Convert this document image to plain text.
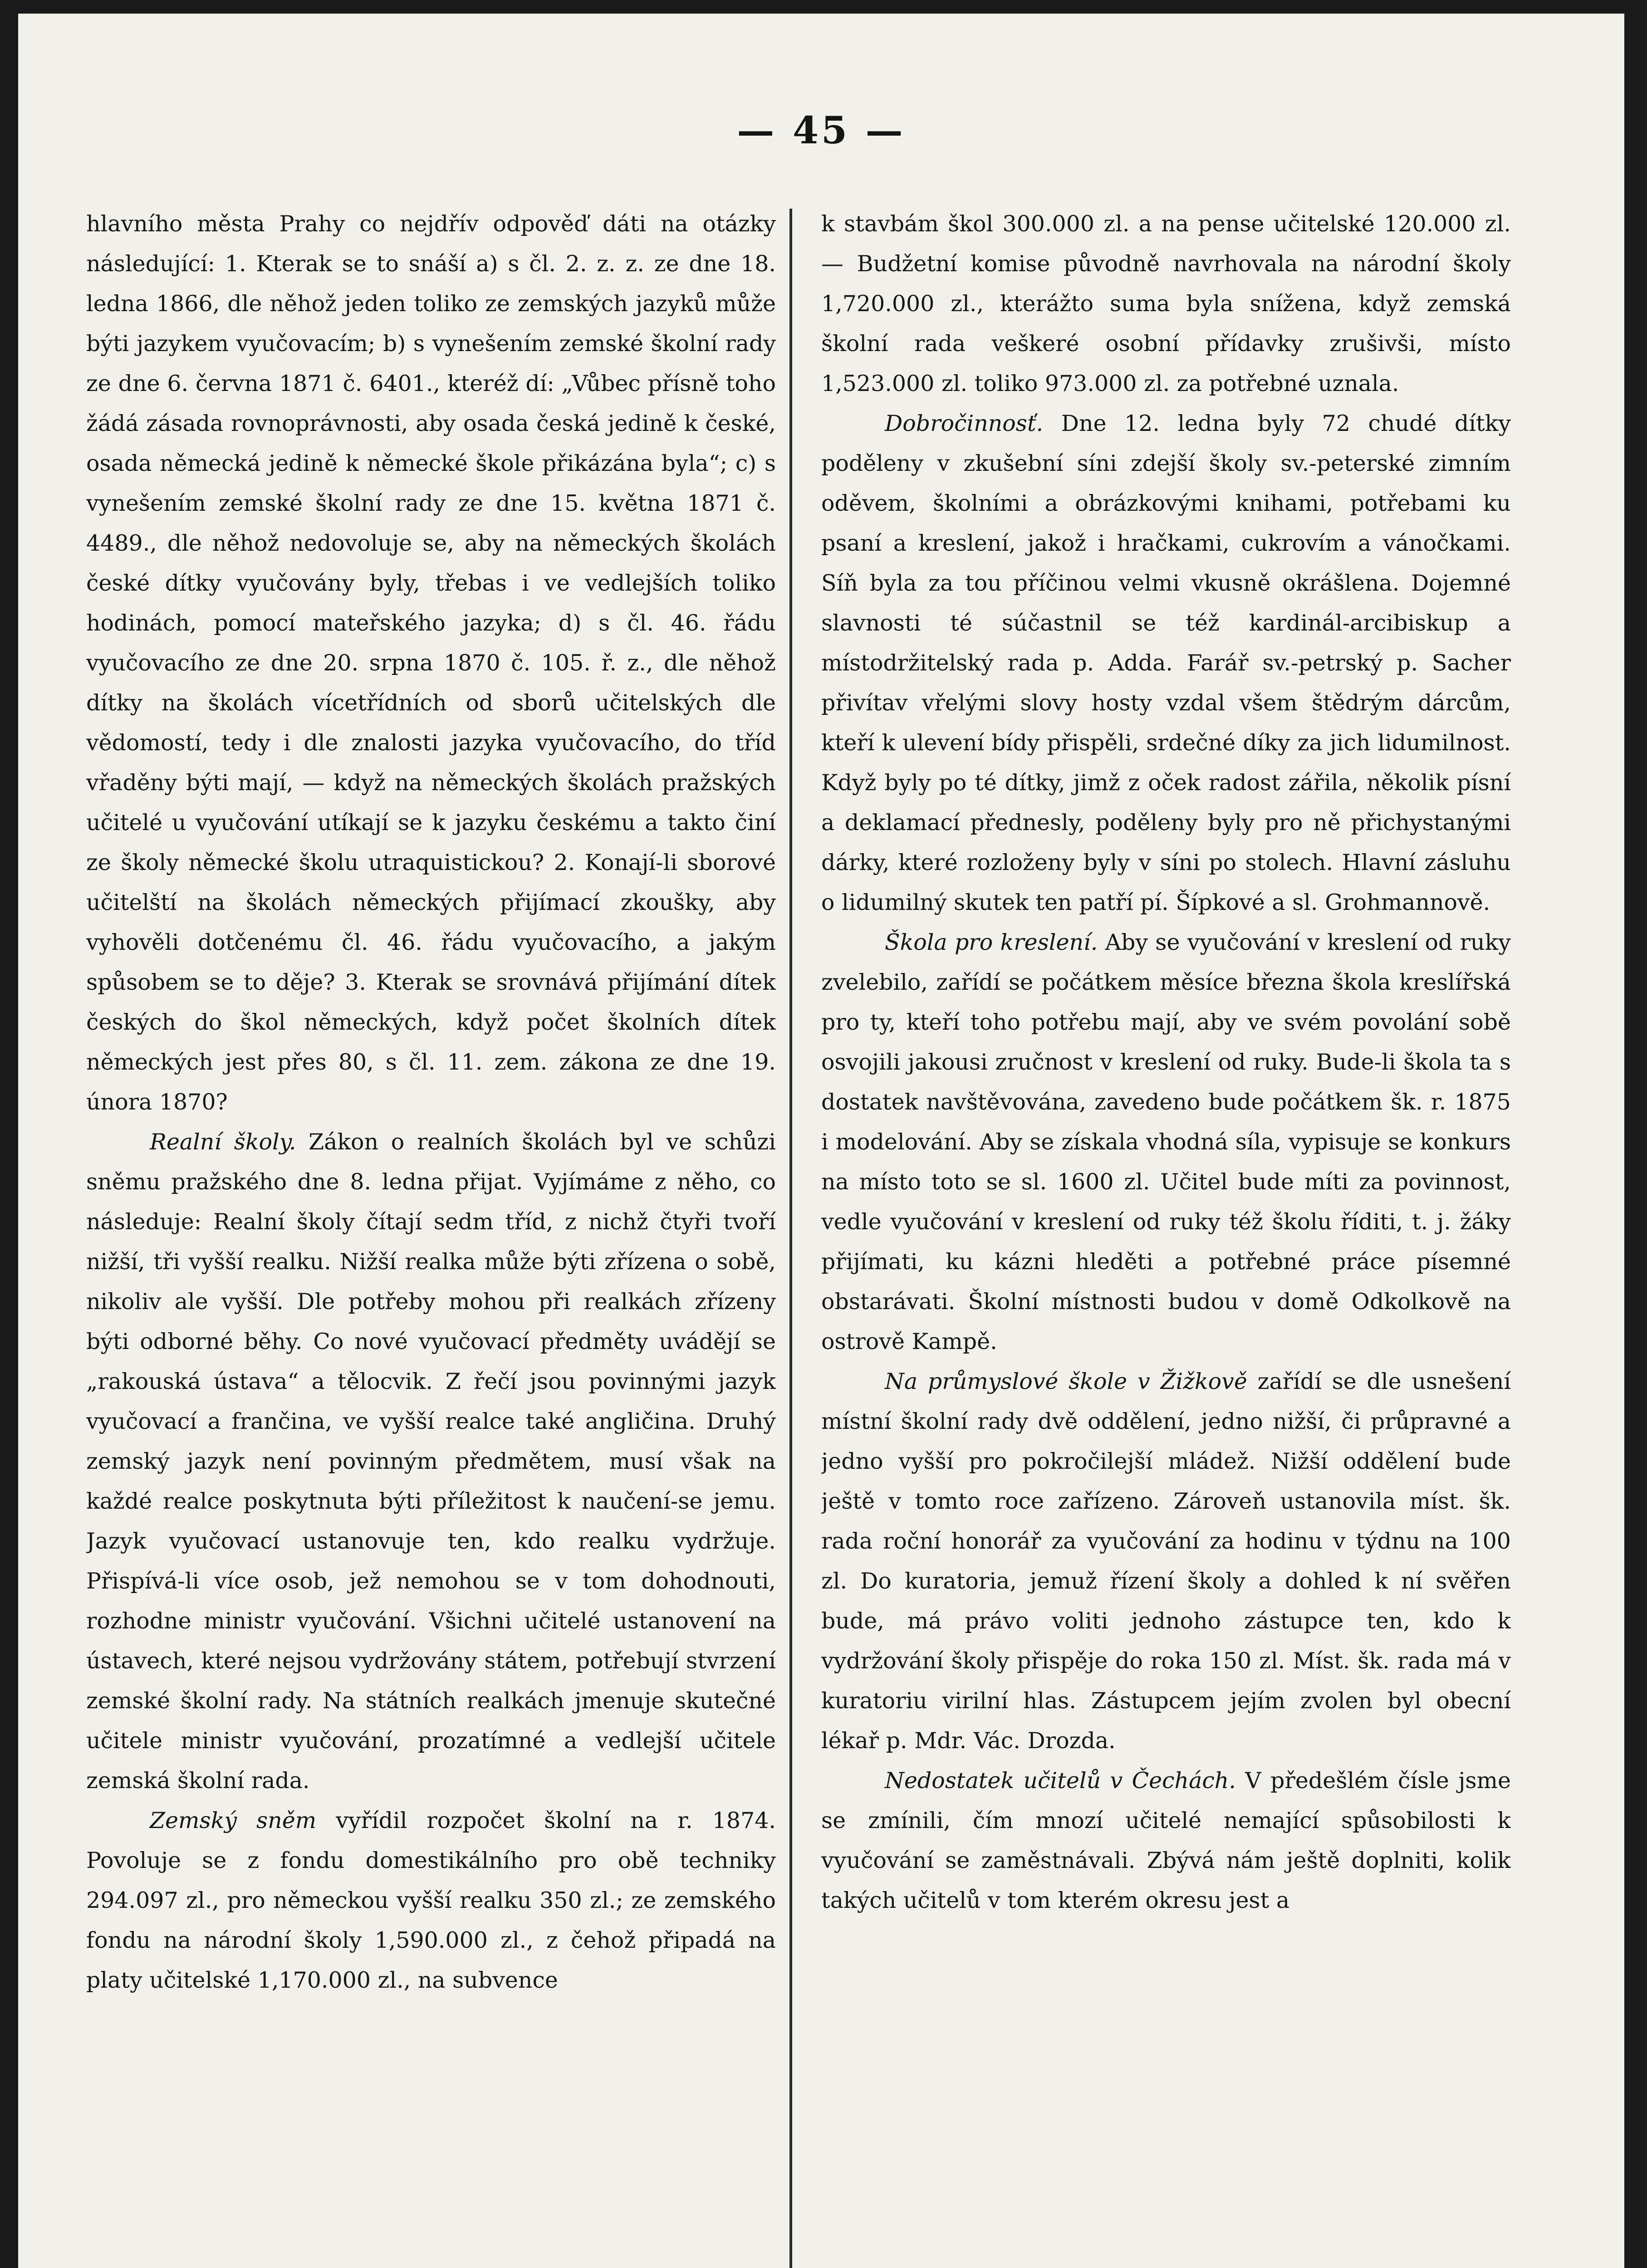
— 45 —

hlavního města Prahy co nejdřív odpověď dáti na otázky následující: 1. Kterak se to snáší a) s čl. 2. z. z. ze dne 18. ledna 1866, dle něhož jeden toliko ze zemských jazyků může býti jazykem vyučovacím; b) s vynešením zemské školní rady ze dne 6. června 1871 č. 6401., kteréž dí: „Vůbec přísně toho žádá zásada rovnoprávnosti, aby osada česká jedině k české, osada německá jedině k německé škole přikázána byla“; c) s vynešením zemské školní rady ze dne 15. května 1871 č. 4489., dle něhož nedovoluje se, aby na německých školách české dítky vyučovány byly, třebas i ve vedlejších toliko hodinách, pomocí mateřského jazyka; d) s čl. 46. řádu vyučovacího ze dne 20. srpna 1870 č. 105. ř. z., dle něhož dítky na školách vícetřídních od sborů učitelských dle vědomostí, tedy i dle znalosti jazyka vyučovacího, do tříd vřaděny býti mají, — když na německých školách pražských učitelé u vyučování utíkají se k jazyku českému a takto činí ze školy německé školu utraquistickou? 2. Konají-li sborové učitelští na školách německých přijímací zkoušky, aby vyhověli dotčenému čl. 46. řádu vyučovacího, a jakým spůsobem se to děje? 3. Kterak se srovnává přijímání dítek českých do škol německých, když počet školních dítek německých jest přes 80, s čl. 11. zem. zákona ze dne 19. února 1870?

Realní školy. Zákon o realních školách byl ve schůzi sněmu pražského dne 8. ledna přijat. Vyjímáme z něho, co následuje: Realní školy čítají sedm tříd, z nichž čtyři tvoří nižší, tři vyšší realku. Nižší realka může býti zřízena o sobě, nikoliv ale vyšší. Dle potřeby mohou při realkách zřízeny býti odborné běhy. Co nové vyučovací předměty uvádějí se „rakouská ústava“ a tělocvik. Z řečí jsou povinnými jazyk vyučovací a frančina, ve vyšší realce také angličina. Druhý zemský jazyk není povinným předmětem, musí však na každé realce poskytnuta býti příležitost k naučení-se jemu. Jazyk vyučovací ustanovuje ten, kdo realku vydržuje. Přispívá-li více osob, jež nemohou se v tom dohodnouti, rozhodne ministr vyučování. Všichni učitelé ustanovení na ústavech, které nejsou vydržovány státem, potřebují stvrzení zemské školní rady. Na státních realkách jmenuje skutečné učitele ministr vyučování, prozatímné a vedlejší učitele zemská školní rada.

Zemský sněm vyřídil rozpočet školní na r. 1874. Povoluje se z fondu domestikálního pro obě techniky 294.097 zl., pro německou vyšší realku 350 zl.; ze zemského fondu na národní školy 1,590.000 zl., z čehož připadá na platy učitelské 1,170.000 zl., na subvence

k stavbám škol 300.000 zl. a na pense učitelské 120.000 zl. — Budžetní komise původně navrhovala na národní školy 1,720.000 zl., kterážto suma byla snížena, když zemská školní rada veškeré osobní přídavky zrušivši, místo 1,523.000 zl. toliko 973.000 zl. za potřebné uznala.

Dobročinnosť. Dne 12. ledna byly 72 chudé dítky poděleny v zkušební síni zdejší školy sv.-peterské zimním oděvem, školními a obrázkovými knihami, potřebami ku psaní a kreslení, jakož i hračkami, cukrovím a vánočkami. Síň byla za tou příčinou velmi vkusně okrášlena. Dojemné slavnosti té súčastnil se též kardinál-arcibiskup a místodržitelský rada p. Adda. Farář sv.-petrský p. Sacher přivítav vřelými slovy hosty vzdal všem štědrým dárcům, kteří k ulevení bídy přispěli, srdečné díky za jich lidumilnost. Když byly po té dítky, jimž z oček radost zářila, několik písní a deklamací přednesly, poděleny byly pro ně přichystanými dárky, které rozloženy byly v síni po stolech. Hlavní zásluhu o lidumilný skutek ten patří pí. Šípkové a sl. Grohmannově.

Škola pro kreslení. Aby se vyučování v kreslení od ruky zvelebilo, zařídí se počátkem měsíce března škola kreslířská pro ty, kteří toho potřebu mají, aby ve svém povolání sobě osvojili jakousi zručnost v kreslení od ruky. Bude-li škola ta s dostatek navštěvována, zavedeno bude počátkem šk. r. 1875 i modelování. Aby se získala vhodná síla, vypisuje se konkurs na místo toto se sl. 1600 zl. Učitel bude míti za povinnost, vedle vyučování v kreslení od ruky též školu říditi, t. j. žáky přijímati, ku kázni hleděti a potřebné práce písemné obstarávati. Školní místnosti budou v domě Odkolkově na ostrově Kampě.

Na průmyslové škole v Žižkově zařídí se dle usnešení místní školní rady dvě oddělení, jedno nižší, či průpravné a jedno vyšší pro pokročilejší mládež. Nižší oddělení bude ještě v tomto roce zařízeno. Zároveň ustanovila míst. šk. rada roční honorář za vyučování za hodinu v týdnu na 100 zl. Do kuratoria, jemuž řízení školy a dohled k ní svěřen bude, má právo voliti jednoho zástupce ten, kdo k vydržování školy přispěje do roka 150 zl. Míst. šk. rada má v kuratoriu virilní hlas. Zástupcem jejím zvolen byl obecní lékař p. Mdr. Vác. Drozda.

Nedostatek učitelů v Čechách. V předešlém čísle jsme se zmínili, čím mnozí učitelé nemající spůsobilosti k vyučování se zaměstnávali. Zbývá nám ještě doplniti, kolik takých učitelů v tom kterém okresu jest a
